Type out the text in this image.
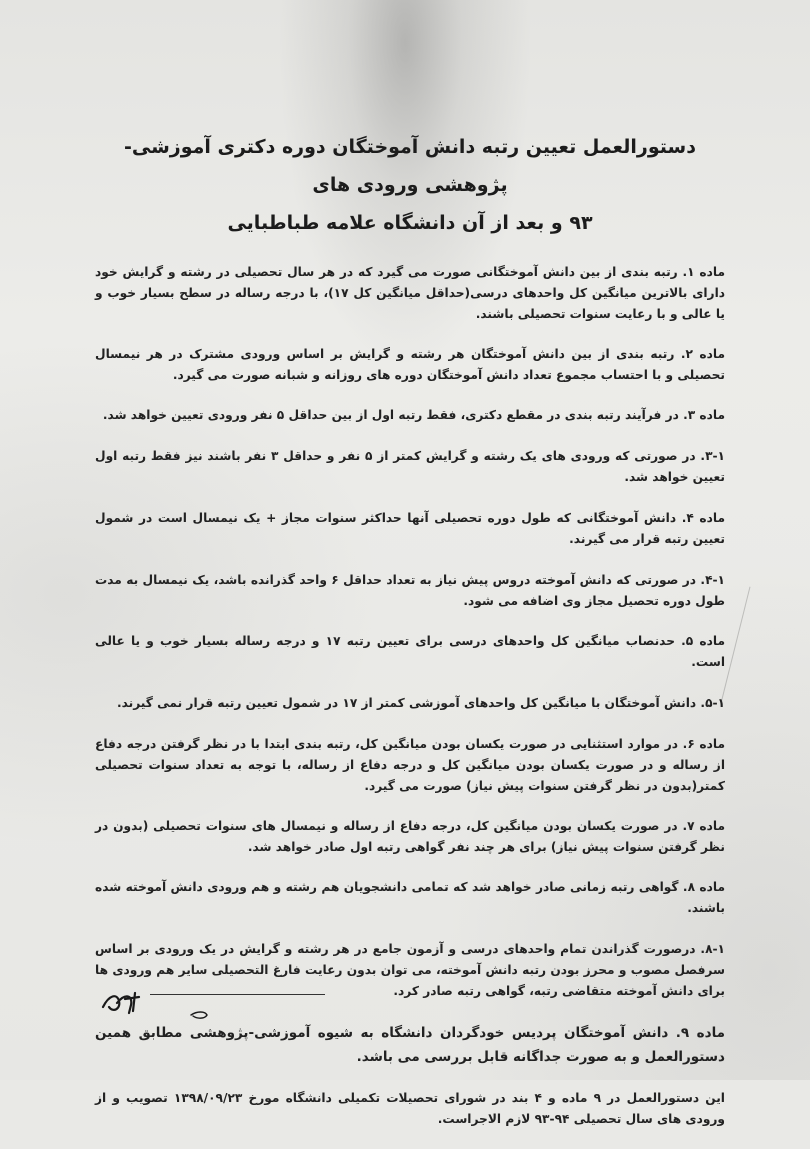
دستورالعمل تعیین رتبه دانش آموختگان دوره دکتری آموزشی-پژوهشی ورودی های
۹۳ و بعد از آن دانشگاه علامه طباطبایی

ماده ۱. رتبه بندی از بین دانش آموختگانی صورت می گیرد که در هر سال تحصیلی در رشته و گرایش خود دارای بالاترین میانگین کل واحدهای درسی(حداقل میانگین کل ۱۷)، با درجه رساله در سطح بسیار خوب و یا عالی و با رعایت سنوات تحصیلی باشند.

ماده ۲. رتبه بندی از بین دانش آموختگان هر رشته و گرایش بر اساس ورودی مشترک در هر نیمسال تحصیلی و با احتساب مجموع تعداد دانش آموختگان دوره های روزانه و شبانه صورت می گیرد.

ماده ۳. در فرآیند رتبه بندی در مقطع دکتری، فقط رتبه اول از بین حداقل ۵ نفر ورودی تعیین خواهد شد.

۳-۱. در صورتی که ورودی های یک رشته و گرایش کمتر از ۵ نفر و حداقل ۳ نفر باشند نیز فقط رتبه اول تعیین خواهد شد.

ماده ۴. دانش آموختگانی که طول دوره تحصیلی آنها حداکثر سنوات مجاز + یک نیمسال است در شمول تعیین رتبه قرار می گیرند.

۴-۱. در صورتی که دانش آموخته دروس پیش نیاز به تعداد حداقل ۶ واحد گذرانده باشد، یک نیمسال به مدت طول دوره تحصیل مجاز وی اضافه می شود.

ماده ۵. حدنصاب میانگین کل واحدهای درسی برای تعیین رتبه ۱۷ و درجه رساله بسیار خوب و یا عالی است.

۵-۱. دانش آموختگان با میانگین کل واحدهای آموزشی کمتر از ۱۷ در شمول تعیین رتبه قرار نمی گیرند.

ماده ۶. در موارد استثنایی در صورت یکسان بودن میانگین کل، رتبه بندی ابتدا با در نظر گرفتن درجه دفاع از رساله و در صورت یکسان بودن میانگین کل و درجه دفاع از رساله، با توجه به تعداد سنوات تحصیلی کمتر(بدون در نظر گرفتن سنوات پیش نیاز) صورت می گیرد.

ماده ۷. در صورت یکسان بودن میانگین کل، درجه دفاع از رساله و نیمسال های سنوات تحصیلی (بدون در نظر گرفتن سنوات پیش نیاز) برای هر چند نفر گواهی رتبه اول صادر خواهد شد.

ماده ۸. گواهی رتبه زمانی صادر خواهد شد که تمامی دانشجویان هم رشته و هم ورودی دانش آموخته شده باشند.

۸-۱. درصورت گذراندن تمام واحدهای درسی و آزمون جامع در هر رشته و گرایش در یک ورودی بر اساس سرفصل مصوب و محرز بودن رتبه دانش آموخته، می توان بدون رعایت فارغ التحصیلی سایر هم ورودی ها برای دانش آموخته متقاضی رتبه، گواهی رتبه صادر کرد.

ماده ۹. دانش آموختگان پردیس خودگردان دانشگاه به شیوه آموزشی-پژوهشی مطابق همین دستورالعمل و به صورت جداگانه قابل بررسی می باشد.

این دستورالعمل در ۹ ماده و ۴ بند در شورای تحصیلات تکمیلی دانشگاه مورخ ۱۳۹۸/۰۹/۲۳ تصویب و از ورودی های سال تحصیلی ۹۴-۹۳ لازم الاجراست.
